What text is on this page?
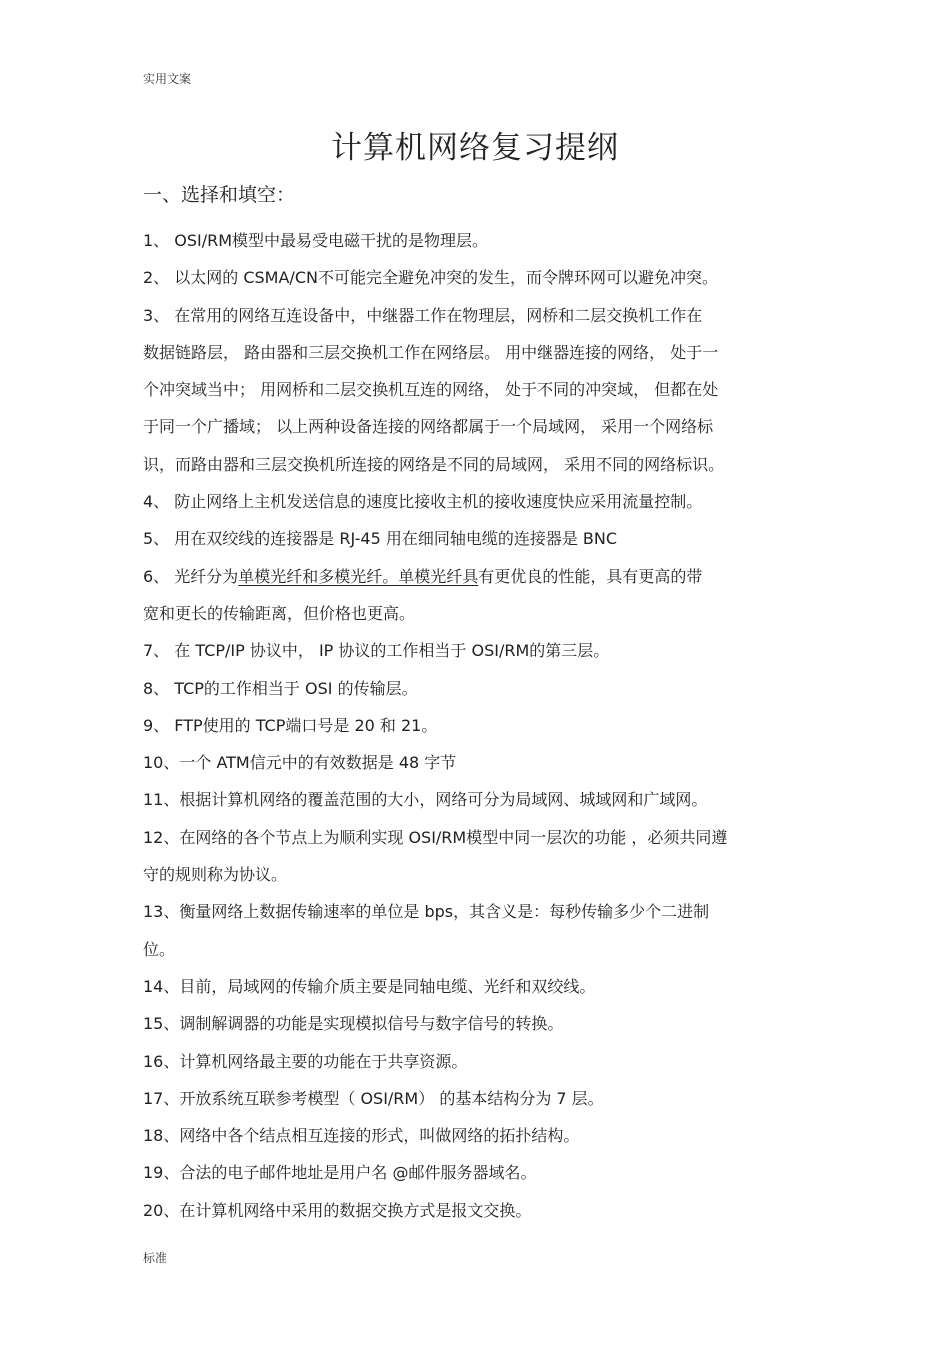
实用文案
计算机网络复习提纲
一、选择和填空：
1、 OSI/RM模型中最易受电磁干扰的是物理层。
2、 以太网的 CSMA/CN不可能完全避免冲突的发生，而令牌环网可以避免冲突。
3、 在常用的网络互连设备中，中继器工作在物理层，网桥和二层交换机工作在
数据链路层， 路由器和三层交换机工作在网络层。 用中继器连接的网络， 处于一
个冲突域当中； 用网桥和二层交换机互连的网络， 处于不同的冲突域， 但都在处
于同一个广播域； 以上两种设备连接的网络都属于一个局域网， 采用一个网络标
识，而路由器和三层交换机所连接的网络是不同的局域网， 采用不同的网络标识。
4、 防止网络上主机发送信息的速度比接收主机的接收速度快应采用流量控制。
5、 用在双绞线的连接器是 RJ-45 用在细同轴电缆的连接器是 BNC
6、 光纤分为单模光纤和多模光纤。单模光纤具有更优良的性能，具有更高的带
宽和更长的传输距离，但价格也更高。
7、 在 TCP/IP 协议中， IP 协议的工作相当于 OSI/RM的第三层。
8、 TCP的工作相当于 OSI 的传输层。
9、 FTP使用的 TCP端口号是 20 和 21。
10、一个 ATM信元中的有效数据是 48 字节
11、根据计算机网络的覆盖范围的大小，网络可分为局域网、城域网和广域网。
12、在网络的各个节点上为顺利实现 OSI/RM模型中同一层次的功能 ，必须共同遵
守的规则称为协议。
13、衡量网络上数据传输速率的单位是 bps，其含义是：每秒传输多少个二进制
位。
14、目前，局域网的传输介质主要是同轴电缆、光纤和双绞线。
15、调制解调器的功能是实现模拟信号与数字信号的转换。
16、计算机网络最主要的功能在于共享资源。
17、开放系统互联参考模型（ OSI/RM） 的基本结构分为 7 层。
18、网络中各个结点相互连接的形式，叫做网络的拓扑结构。
19、合法的电子邮件地址是用户名 @邮件服务器域名。
20、在计算机网络中采用的数据交换方式是报文交换。
标准
